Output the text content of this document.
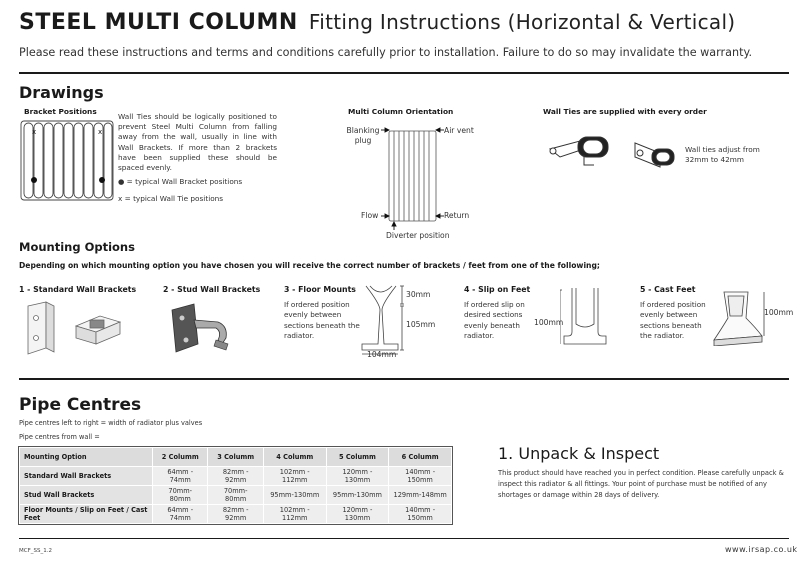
STEEL MULTI COLUMN Fitting Instructions (Horizontal & Vertical)
Please read these instructions and terms and conditions carefully prior to installation. Failure to do so may invalidate the warranty.
Drawings
Bracket Positions
x	x
Wall Ties should be logically positioned to prevent Steel Multi Column from falling away from the wall, usually in line with Wall Brackets. If more than 2 brackets have been supplied these should be spaced evenly.
● = typical Wall Bracket positions
x = typical Wall Tie positions
Multi Column Orientation
Blanking plug
Air vent
Flow	Return
Diverter position
Wall Ties are supplied with every order
Wall ties adjust from 32mm to 42mm
Mounting Options
Depending on which mounting option you have chosen you will receive the correct number of brackets / feet from one of the following;
1 - Standard Wall Brackets	2 - Stud Wall Brackets	3 - Floor Mounts	4 - Slip on Feet	5 - Cast Feet
If ordered position evenly between sections beneath the radiator.
If ordered slip on desired sections evenly beneath radiator.
If ordered position evenly between sections beneath the radiator.
30mm
105mm
104mm
100mm
100mm
Pipe Centres
Pipe centres left to right = width of radiator plus valves
Pipe centres from wall =
Mounting Option	2 Columm	3 Columm	4 Columm	5 Columm	6 Columm
Standard Wall Brackets	64mm - 74mm	82mm - 92mm	102mm - 112mm	120mm - 130mm	140mm - 150mm
Stud Wall Brackets	70mm- 80mm	70mm- 80mm	95mm-130mm	95mm-130mm	129mm-148mm
Floor Mounts / Slip on Feet / Cast Feet	64mm - 74mm	82mm - 92mm	102mm - 112mm	120mm - 130mm	140mm - 150mm
1. Unpack & Inspect
This product should have reached you in perfect condition. Please carefully unpack & inspect this radiator & all fittings. Your point of purchase must be notified of any shortages or damage within 28 days of delivery.
MCF_SS_1.2	www.irsap.co.uk
